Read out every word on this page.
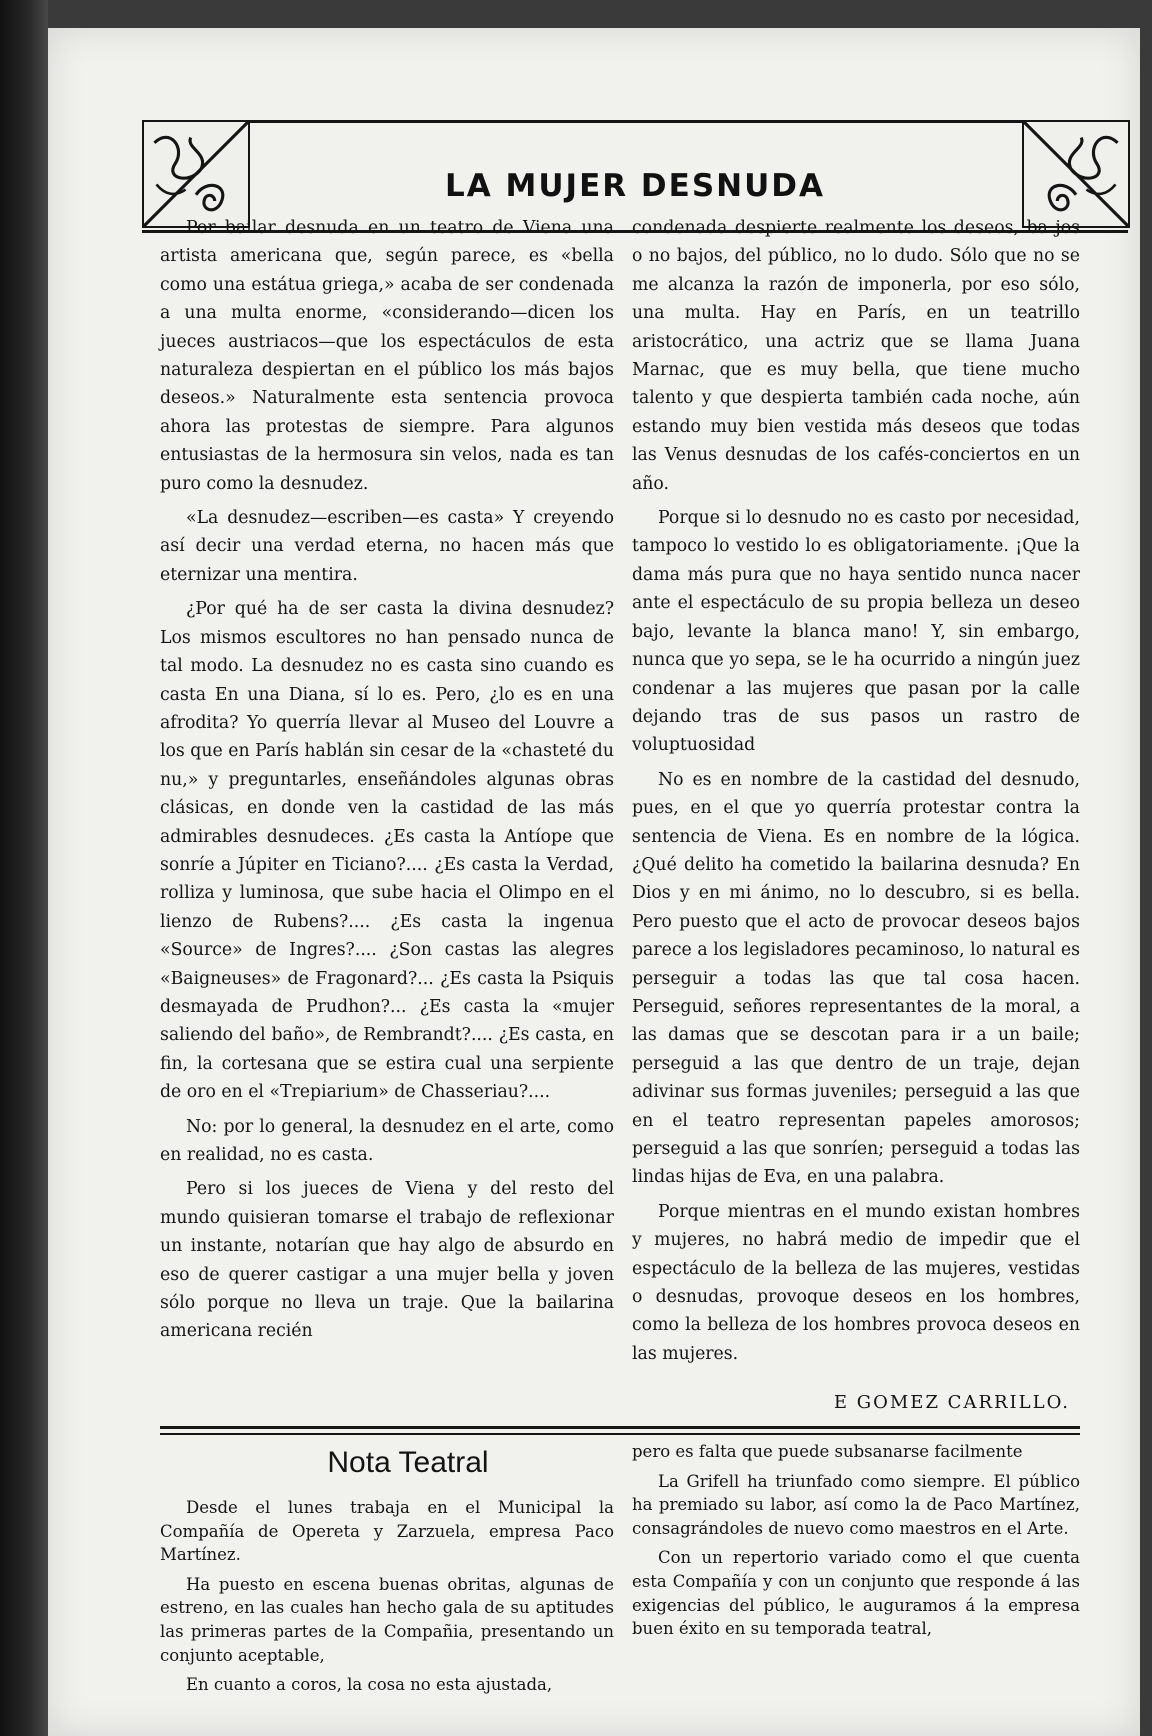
LA MUJER DESNUDA

Por bailar desnuda en un teatro de Viena una artista americana que, según parece, es «bella como una estátua griega,» acaba de ser condenada a una multa enorme, «considerando—dicen los jueces austriacos—que los espectáculos de esta naturaleza despiertan en el público los más bajos deseos.» Naturalmente esta sentencia provoca ahora las protestas de siempre. Para algunos entusiastas de la hermosura sin velos, nada es tan puro como la desnudez.

«La desnudez—escriben—es casta» Y creyendo así decir una verdad eterna, no hacen más que eternizar una mentira.

¿Por qué ha de ser casta la divina desnudez? Los mismos escultores no han pensado nunca de tal modo. La desnudez no es casta sino cuando es casta En una Diana, sí lo es. Pero, ¿lo es en una afrodita? Yo querría llevar al Museo del Louvre a los que en París hablán sin cesar de la «chasteté du nu,» y preguntarles, enseñándoles algunas obras clásicas, en donde ven la castidad de las más admirables desnudeces. ¿Es casta la Antíope que sonríe a Júpiter en Ticiano?.... ¿Es casta la Verdad, rolliza y luminosa, que sube hacia el Olimpo en el lienzo de Rubens?.... ¿Es casta la ingenua «Source» de Ingres?.... ¿Son castas las alegres «Baigneuses» de Fragonard?... ¿Es casta la Psiquis desmayada de Prudhon?... ¿Es casta la «mujer saliendo del baño», de Rembrandt?.... ¿Es casta, en fin, la cortesana que se estira cual una serpiente de oro en el «Trepiarium» de Chasseriau?....

No: por lo general, la desnudez en el arte, como en realidad, no es casta.

Pero si los jueces de Viena y del resto del mundo quisieran tomarse el trabajo de reflexionar un instante, notarían que hay algo de absurdo en eso de querer castigar a una mujer bella y joven sólo porque no lleva un traje. Que la bailarina americana recién

condenada despierte realmente los deseos, ba jos o no bajos, del público, no lo dudo. Sólo que no se me alcanza la razón de imponerla, por eso sólo, una multa. Hay en París, en un teatrillo aristocrático, una actriz que se llama Juana Marnac, que es muy bella, que tiene mucho talento y que despierta también cada noche, aún estando muy bien vestida más deseos que todas las Venus desnudas de los cafés-conciertos en un año.

Porque si lo desnudo no es casto por necesidad, tampoco lo vestido lo es obligatoriamente. ¡Que la dama más pura que no haya sentido nunca nacer ante el espectáculo de su propia belleza un deseo bajo, levante la blanca mano! Y, sin embargo, nunca que yo sepa, se le ha ocurrido a ningún juez condenar a las mujeres que pasan por la calle dejando tras de sus pasos un rastro de voluptuosidad

No es en nombre de la castidad del desnudo, pues, en el que yo querría protestar contra la sentencia de Viena. Es en nombre de la lógica. ¿Qué delito ha cometido la bailarina desnuda? En Dios y en mi ánimo, no lo descubro, si es bella. Pero puesto que el acto de provocar deseos bajos parece a los legisladores pecaminoso, lo natural es perseguir a todas las que tal cosa hacen. Perseguid, señores representantes de la moral, a las damas que se descotan para ir a un baile; perseguid a las que dentro de un traje, dejan adivinar sus formas juveniles; perseguid a las que en el teatro representan papeles amorosos; perseguid a las que sonríen; perseguid a todas las lindas hijas de Eva, en una palabra.

Porque mientras en el mundo existan hombres y mujeres, no habrá medio de impedir que el espectáculo de la belleza de las mujeres, vestidas o desnudas, provoque deseos en los hombres, como la belleza de los hombres provoca deseos en las mujeres.

E GOMEZ CARRILLO.
Nota Teatral

Desde el lunes trabaja en el Municipal la Compañía de Opereta y Zarzuela, empresa Paco Martínez.

Ha puesto en escena buenas obritas, algunas de estreno, en las cuales han hecho gala de su aptitudes las primeras partes de la Compañia, presentando un conjunto aceptable,

En cuanto a coros, la cosa no esta ajustada,

pero es falta que puede subsanarse facilmente

La Grifell ha triunfado como siempre. El público ha premiado su labor, así como la de Paco Martínez, consagrándoles de nuevo como maestros en el Arte.

Con un repertorio variado como el que cuenta esta Compañía y con un conjunto que responde á las exigencias del público, le auguramos á la empresa buen éxito en su temporada teatral,
